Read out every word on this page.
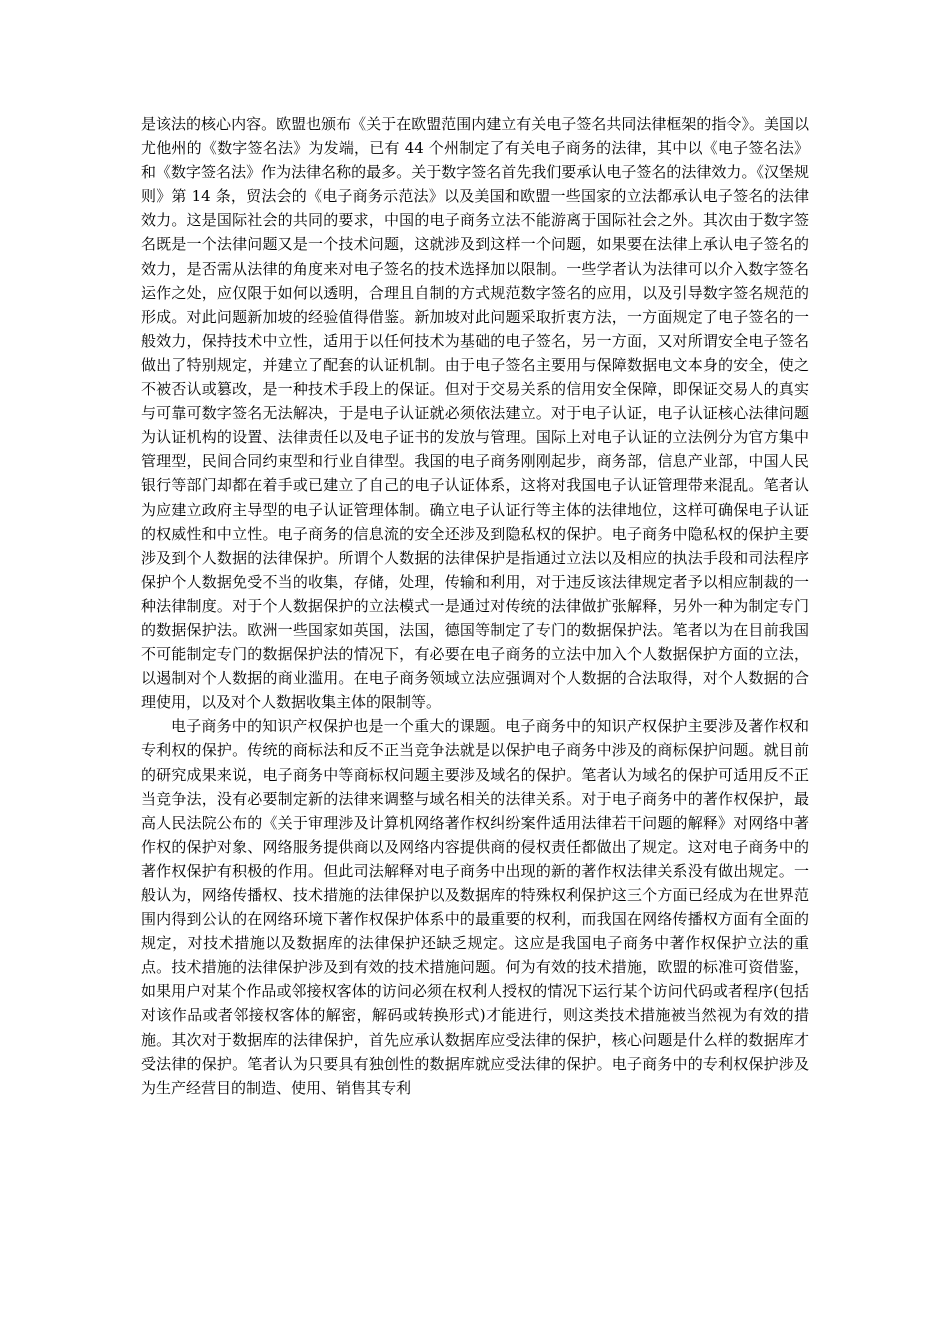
是该法的核心内容。欧盟也颁布《关于在欧盟范围内建立有关电子签名共同法律框架的指令》。美国以尤他州的《数字签名法》为发端，已有 44 个州制定了有关电子商务的法律，其中以《电子签名法》和《数字签名法》作为法律名称的最多。关于数字签名首先我们要承认电子签名的法律效力。《汉堡规则》第 14 条，贸法会的《电子商务示范法》以及美国和欧盟一些国家的立法都承认电子签名的法律效力。这是国际社会的共同的要求，中国的电子商务立法不能游离于国际社会之外。其次由于数字签名既是一个法律问题又是一个技术问题，这就涉及到这样一个问题，如果要在法律上承认电子签名的效力，是否需从法律的角度来对电子签名的技术选择加以限制。一些学者认为法律可以介入数字签名运作之处，应仅限于如何以透明，合理且自制的方式规范数字签名的应用，以及引导数字签名规范的形成。对此问题新加坡的经验值得借鉴。新加坡对此问题采取折衷方法，一方面规定了电子签名的一般效力，保持技术中立性，适用于以任何技术为基础的电子签名，另一方面，又对所谓安全电子签名做出了特别规定，并建立了配套的认证机制。由于电子签名主要用与保障数据电文本身的安全，使之不被否认或篡改，是一种技术手段上的保证。但对于交易关系的信用安全保障，即保证交易人的真实与可靠可数字签名无法解决，于是电子认证就必须依法建立。对于电子认证，电子认证核心法律问题为认证机构的设置、法律责任以及电子证书的发放与管理。国际上对电子认证的立法例分为官方集中管理型，民间合同约束型和行业自律型。我国的电子商务刚刚起步，商务部，信息产业部，中国人民银行等部门却都在着手或已建立了自己的电子认证体系，这将对我国电子认证管理带来混乱。笔者认为应建立政府主导型的电子认证管理体制。确立电子认证行等主体的法律地位，这样可确保电子认证的权威性和中立性。电子商务的信息流的安全还涉及到隐私权的保护。电子商务中隐私权的保护主要涉及到个人数据的法律保护。所谓个人数据的法律保护是指通过立法以及相应的执法手段和司法程序保护个人数据免受不当的收集，存储，处理，传输和利用，对于违反该法律规定者予以相应制裁的一种法律制度。对于个人数据保护的立法模式一是通过对传统的法律做扩张解释，另外一种为制定专门的数据保护法。欧洲一些国家如英国，法国，德国等制定了专门的数据保护法。笔者以为在目前我国不可能制定专门的数据保护法的情况下，有必要在电子商务的立法中加入个人数据保护方面的立法，以遏制对个人数据的商业滥用。在电子商务领域立法应强调对个人数据的合法取得，对个人数据的合理使用，以及对个人数据收集主体的限制等。

电子商务中的知识产权保护也是一个重大的课题。电子商务中的知识产权保护主要涉及著作权和专利权的保护。传统的商标法和反不正当竞争法就是以保护电子商务中涉及的商标保护问题。就目前的研究成果来说，电子商务中等商标权问题主要涉及域名的保护。笔者认为域名的保护可适用反不正当竞争法，没有必要制定新的法律来调整与域名相关的法律关系。对于电子商务中的著作权保护，最高人民法院公布的《关于审理涉及计算机网络著作权纠纷案件适用法律若干问题的解释》对网络中著作权的保护对象、网络服务提供商以及网络内容提供商的侵权责任都做出了规定。这对电子商务中的著作权保护有积极的作用。但此司法解释对电子商务中出现的新的著作权法律关系没有做出规定。一般认为，网络传播权、技术措施的法律保护以及数据库的特殊权利保护这三个方面已经成为在世界范围内得到公认的在网络环境下著作权保护体系中的最重要的权利，而我国在网络传播权方面有全面的规定，对技术措施以及数据库的法律保护还缺乏规定。这应是我国电子商务中著作权保护立法的重点。技术措施的法律保护涉及到有效的技术措施问题。何为有效的技术措施，欧盟的标准可资借鉴，如果用户对某个作品或邻接权客体的访问必须在权利人授权的情况下运行某个访问代码或者程序(包括对该作品或者邻接权客体的解密，解码或转换形式)才能进行，则这类技术措施被当然视为有效的措施。其次对于数据库的法律保护，首先应承认数据库应受法律的保护，核心问题是什么样的数据库才受法律的保护。笔者认为只要具有独创性的数据库就应受法律的保护。电子商务中的专利权保护涉及为生产经营目的制造、使用、销售其专利
